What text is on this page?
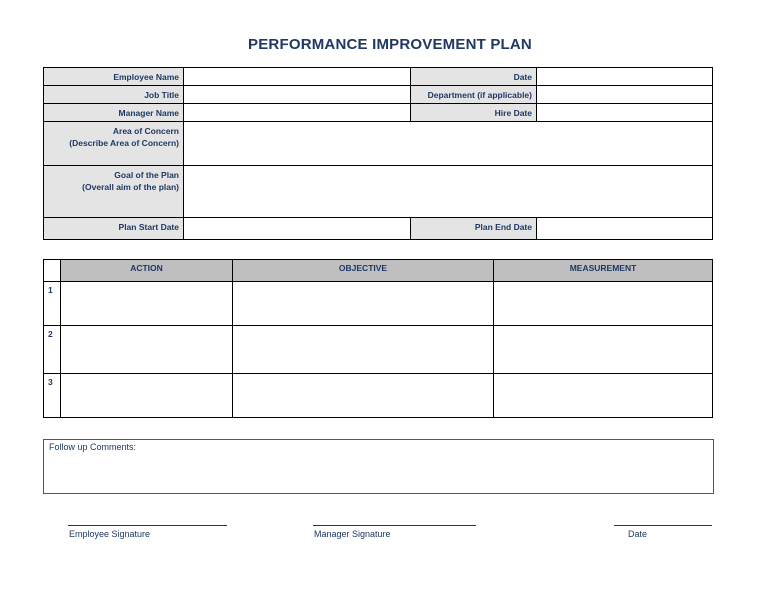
PERFORMANCE IMPROVEMENT PLAN
Employee Name		Date	
Job Title		Department (if applicable)	
Manager Name		Hire Date	

Area of Concern
(Describe Area of Concern)			

Goal of the Plan
(Overall aim of the plan)			

Plan Start Date		Plan End Date	
	ACTION	OBJECTIVE	MEASUREMENT
1			
2			
3			
Follow up Comments:
Employee Signature	Manager Signature	Date
